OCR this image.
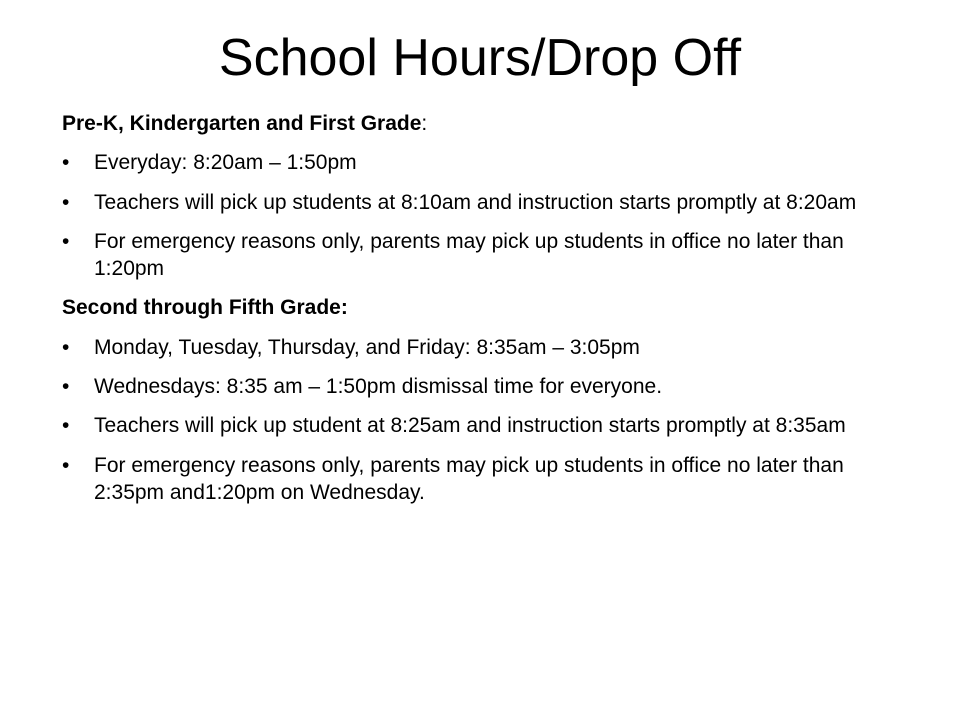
School Hours/Drop Off

Pre-K, Kindergarten and First Grade:

• Everyday: 8:20am – 1:50pm
• Teachers will pick up students at 8:10am and instruction starts promptly at 8:20am
• For emergency reasons only, parents may pick up students in office no later than 1:20pm

Second through Fifth Grade:

• Monday, Tuesday, Thursday, and Friday: 8:35am – 3:05pm
• Wednesdays: 8:35 am – 1:50pm dismissal time for everyone.
• Teachers will pick up student at 8:25am and instruction starts promptly at 8:35am
• For emergency reasons only, parents may pick up students in office no later than 2:35pm and1:20pm on Wednesday.
